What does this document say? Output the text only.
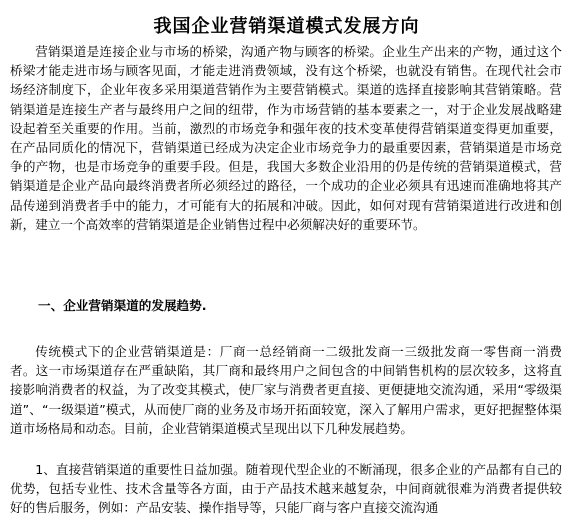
我国企业营销渠道模式发展方向

营销渠道是连接企业与市场的桥梁，沟通产物与顾客的桥梁。企业生产出来的产物，通过这个桥梁才能走进市场与顾客见面，才能走进消费领域，没有这个桥梁，也就没有销售。在现代社会市场经济制度下，企业年夜多采用渠道营销作为主要营销模式。渠道的选择直接影响其营销策略。营销渠道是连接生产者与最终用户之间的纽带，作为市场营销的基本要素之一，对于企业发展战略建设起着至关重要的作用。当前，激烈的市场竞争和强年夜的技术变革使得营销渠道变得更加重要，在产品同质化的情况下，营销渠道已经成为决定企业市场竞争力的最重要因素，营销渠道是市场竞争的产物，也是市场竞争的重要手段。但是，我国大多数企业沿用的仍是传统的营销渠道模式，营销渠道是企业产品向最终消费者所必须经过的路径，一个成功的企业必须具有迅速而准确地将其产品传递到消费者手中的能力，才可能有大的拓展和冲破。因此，如何对现有营销渠道进行改进和创新，建立一个高效率的营销渠道是企业销售过程中必须解决好的重要环节。

一、企业营销渠道的发展趋势.

传统模式下的企业营销渠道是：厂商一总经销商一二级批发商一三级批发商一零售商一消费者。这一市场渠道存在严重缺陷，其厂商和最终用户之间包含的中间销售机构的层次较多，这将直接影响消费者的权益，为了改变其模式，使厂家与消费者更直接、更便捷地交流沟通，采用“零级渠道”、“一级渠道”模式，从而使厂商的业务及市场开拓面较宽，深入了解用户需求，更好把握整体渠道市场格局和动态。目前，企业营销渠道模式呈现出以下几种发展趋势。

1、直接营销渠道的重要性日益加强。随着现代型企业的不断涌现，很多企业的产品都有自己的优势，包括专业性、技术含量等各方面，由于产品技术越来越复杂，中间商就很难为消费者提供较好的售后服务，例如：产品安装、操作指导等，只能厂商与客户直接交流沟通
